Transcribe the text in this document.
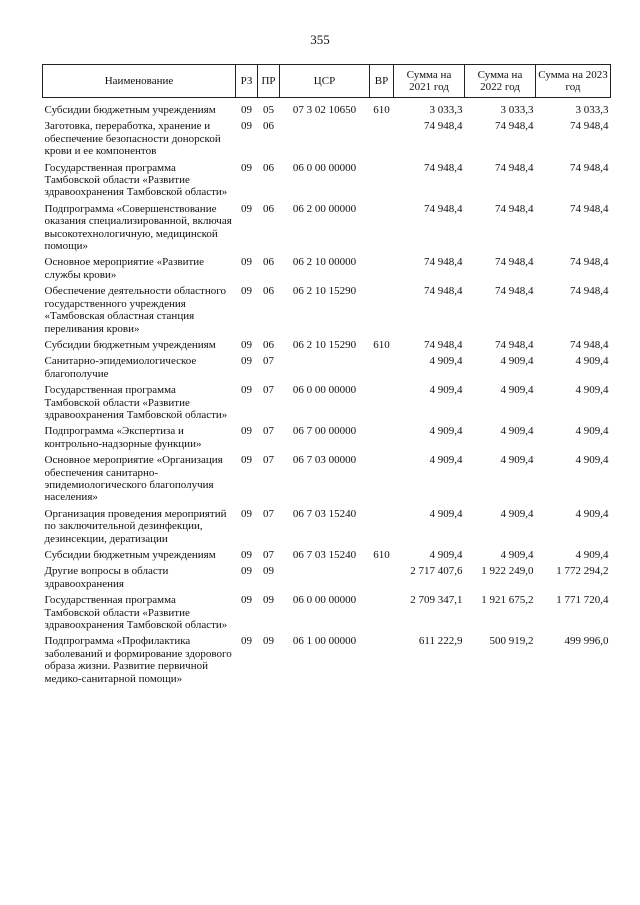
355
Наименование	РЗ	ПР	ЦСР	ВР	Сумма на 2021 год	Сумма на 2022 год	Сумма на 2023 год
Субсидии бюджетным учреждениям	09	05	07 3 02 10650	610	3 033,3	3 033,3	3 033,3
Заготовка, переработка, хранение и обеспечение безопасности донорской крови и ее компонентов	09	06			74 948,4	74 948,4	74 948,4
Государственная программа Тамбовской области «Развитие здравоохранения Тамбовской области»	09	06	06 0 00 00000		74 948,4	74 948,4	74 948,4
Подпрограмма «Совершенствование оказания специализированной, включая высокотехнологичную, медицинской помощи»	09	06	06 2 00 00000		74 948,4	74 948,4	74 948,4
Основное мероприятие «Развитие службы крови»	09	06	06 2 10 00000		74 948,4	74 948,4	74 948,4
Обеспечение деятельности областного государственного учреждения «Тамбовская областная станция переливания крови»	09	06	06 2 10 15290		74 948,4	74 948,4	74 948,4
Субсидии бюджетным учреждениям	09	06	06 2 10 15290	610	74 948,4	74 948,4	74 948,4
Санитарно-эпидемиологическое благополучие	09	07			4 909,4	4 909,4	4 909,4
Государственная программа Тамбовской области «Развитие здравоохранения Тамбовской области»	09	07	06 0 00 00000		4 909,4	4 909,4	4 909,4
Подпрограмма «Экспертиза и контрольно-надзорные функции»	09	07	06 7 00 00000		4 909,4	4 909,4	4 909,4
Основное мероприятие «Организация обеспечения санитарно-эпидемиологического благополучия населения»	09	07	06 7 03 00000		4 909,4	4 909,4	4 909,4
Организация проведения мероприятий по заключительной дезинфекции, дезинсекции, дератизации	09	07	06 7 03 15240		4 909,4	4 909,4	4 909,4
Субсидии бюджетным учреждениям	09	07	06 7 03 15240	610	4 909,4	4 909,4	4 909,4
Другие вопросы в области здравоохранения	09	09			2 717 407,6	1 922 249,0	1 772 294,2
Государственная программа Тамбовской области «Развитие здравоохранения Тамбовской области»	09	09	06 0 00 00000		2 709 347,1	1 921 675,2	1 771 720,4
Подпрограмма «Профилактика заболеваний и формирование здорового образа жизни. Развитие первичной медико-санитарной помощи»	09	09	06 1 00 00000		611 222,9	500 919,2	499 996,0
